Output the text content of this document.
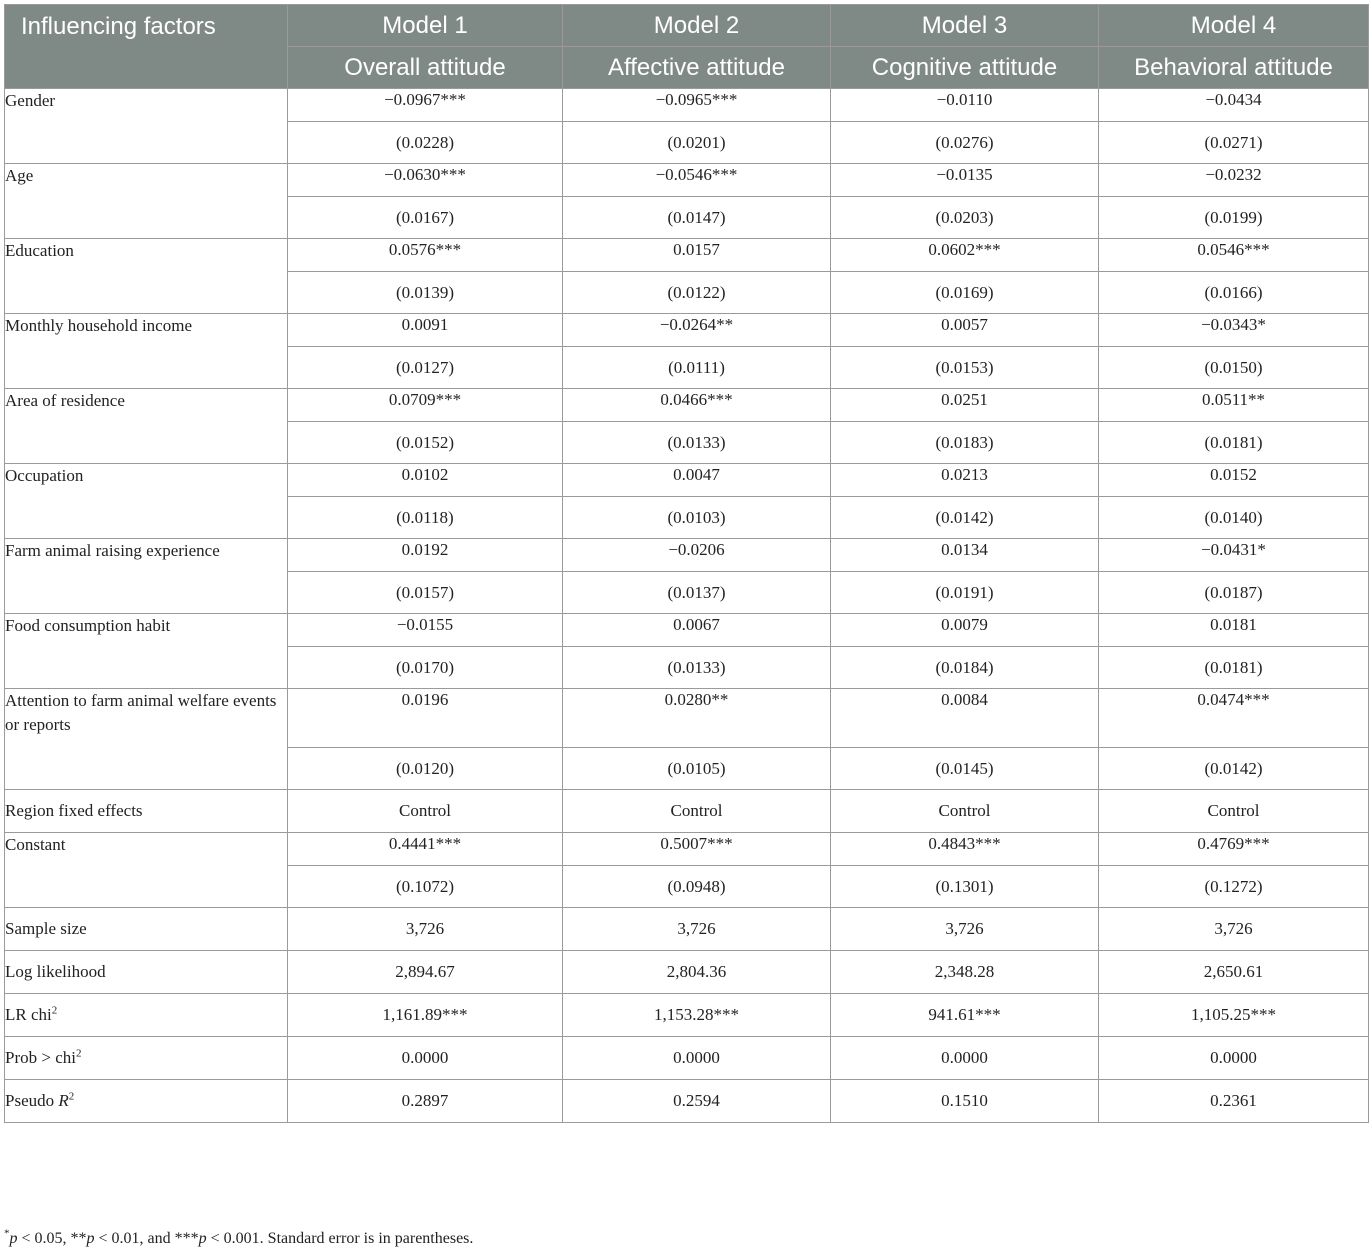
Influencing factors	Model 1	Model 2	Model 3	Model 4
	Overall attitude	Affective attitude	Cognitive attitude	Behavioral attitude
Gender	−0.0967***	−0.0965***	−0.0110	−0.0434
	(0.0228)	(0.0201)	(0.0276)	(0.0271)
Age	−0.0630***	−0.0546***	−0.0135	−0.0232
	(0.0167)	(0.0147)	(0.0203)	(0.0199)
Education	0.0576***	0.0157	0.0602***	0.0546***
	(0.0139)	(0.0122)	(0.0169)	(0.0166)
Monthly household income	0.0091	−0.0264**	0.0057	−0.0343*
	(0.0127)	(0.0111)	(0.0153)	(0.0150)
Area of residence	0.0709***	0.0466***	0.0251	0.0511**
	(0.0152)	(0.0133)	(0.0183)	(0.0181)
Occupation	0.0102	0.0047	0.0213	0.0152
	(0.0118)	(0.0103)	(0.0142)	(0.0140)
Farm animal raising experience	0.0192	−0.0206	0.0134	−0.0431*
	(0.0157)	(0.0137)	(0.0191)	(0.0187)
Food consumption habit	−0.0155	0.0067	0.0079	0.0181
	(0.0170)	(0.0133)	(0.0184)	(0.0181)
Attention to farm animal welfare events or reports	0.0196	0.0280**	0.0084	0.0474***
	(0.0120)	(0.0105)	(0.0145)	(0.0142)
Region fixed effects	Control	Control	Control	Control
Constant	0.4441***	0.5007***	0.4843***	0.4769***
	(0.1072)	(0.0948)	(0.1301)	(0.1272)
Sample size	3,726	3,726	3,726	3,726
Log likelihood	2,894.67	2,804.36	2,348.28	2,650.61
LR chi$^2$	1,161.89***	1,153.28***	941.61***	1,105.25***
Prob > chi$^2$	0.0000	0.0000	0.0000	0.0000
Pseudo $R^2$	0.2897	0.2594	0.1510	0.2361
*p < 0.05, **p < 0.01, and ***p < 0.001. Standard error is in parentheses.
